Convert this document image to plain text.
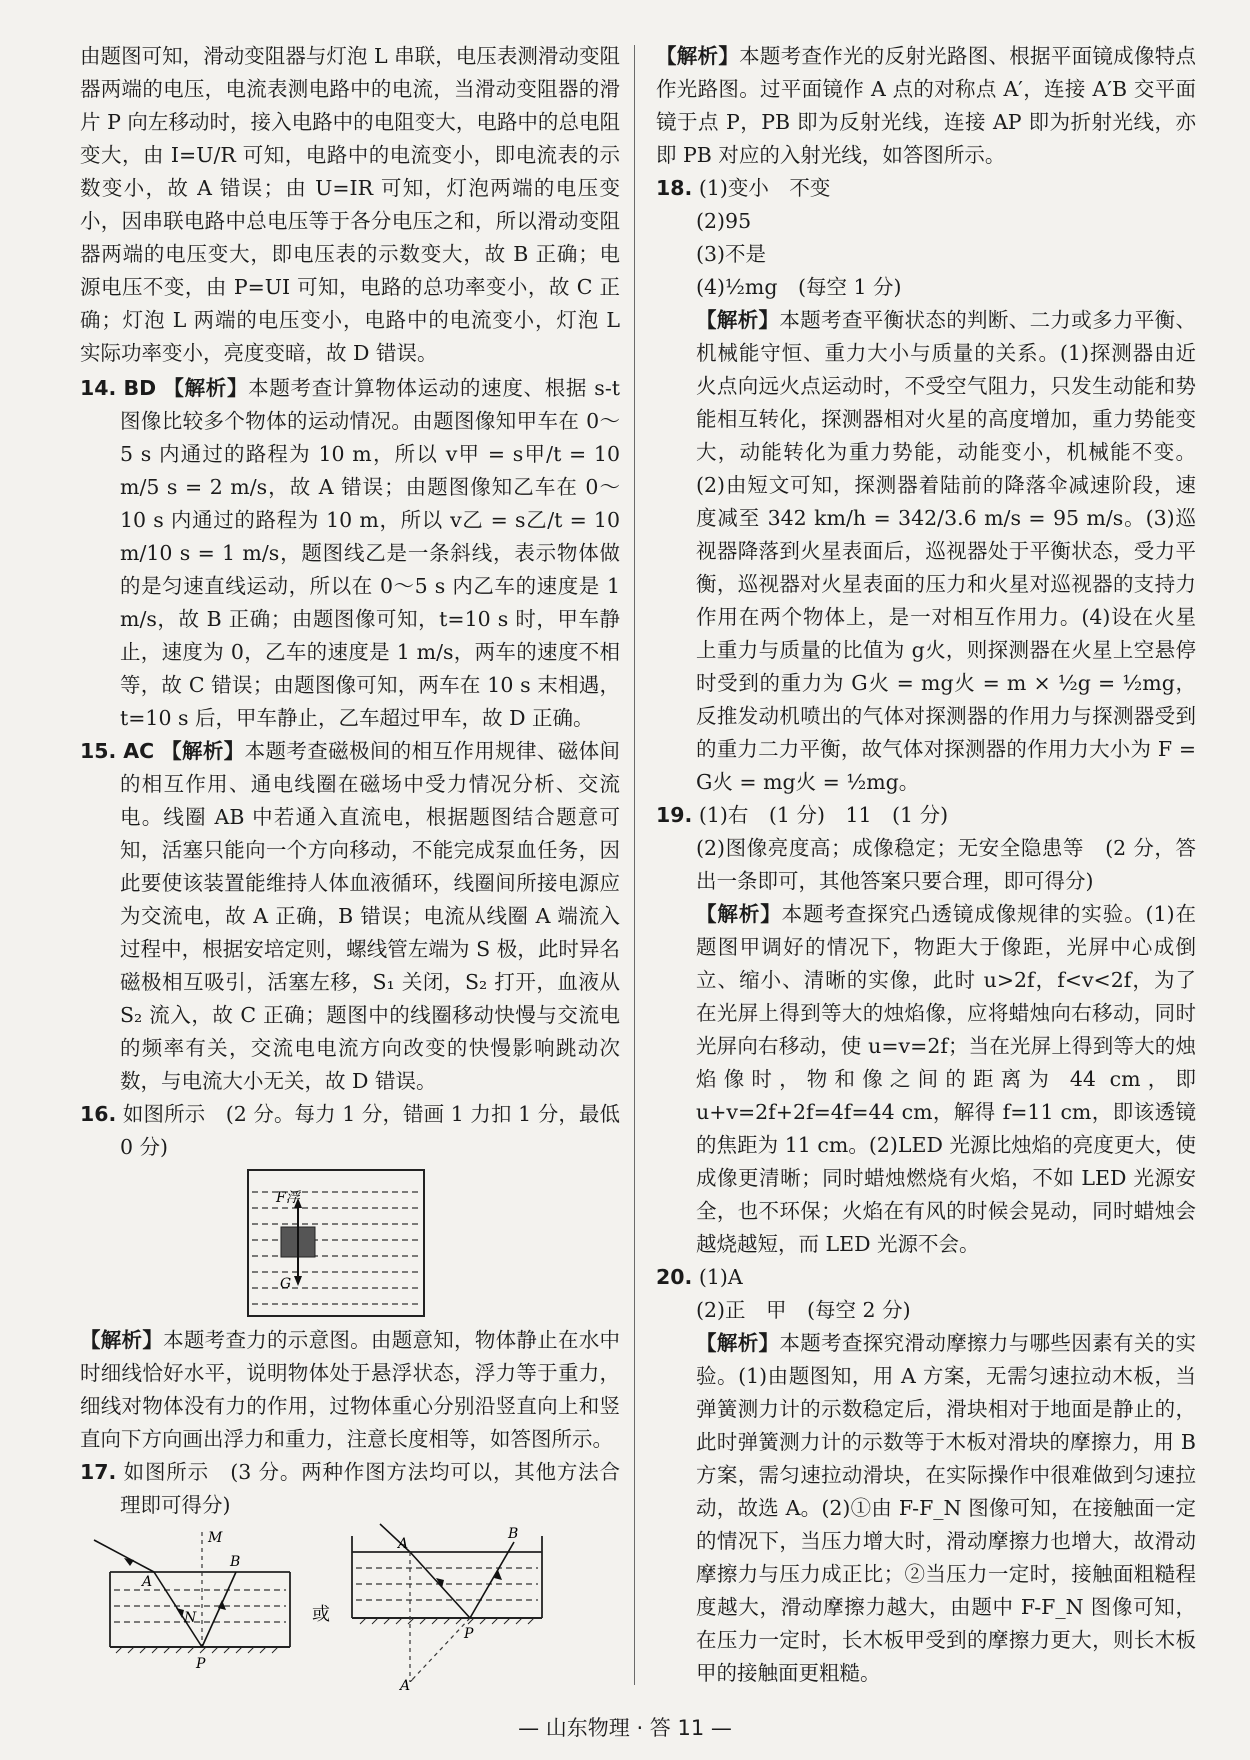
由题图可知，滑动变阻器与灯泡 L 串联，电压表测滑动变阻器两端的电压，电流表测电路中的电流，当滑动变阻器的滑片 P 向左移动时，接入电路中的电阻变大，电路中的总电阻变大，由 I=U/R 可知，电路中的电流变小，即电流表的示数变小，故 A 错误；由 U=IR 可知，灯泡两端的电压变小，因串联电路中总电压等于各分电压之和，所以滑动变阻器两端的电压变大，即电压表的示数变大，故 B 正确；电源电压不变，由 P=UI 可知，电路的总功率变小，故 C 正确；灯泡 L 两端的电压变小，电路中的电流变小，灯泡 L 实际功率变小，亮度变暗，故 D 错误。

14. BD 【解析】本题考查计算物体运动的速度、根据 s-t 图像比较多个物体的运动情况。由题图像知甲车在 0～5 s 内通过的路程为 10 m，所以 v甲 = s甲/t = 10 m/5 s = 2 m/s，故 A 错误；由题图像知乙车在 0～10 s 内通过的路程为 10 m，所以 v乙 = s乙/t = 10 m/10 s = 1 m/s，题图线乙是一条斜线，表示物体做的是匀速直线运动，所以在 0～5 s 内乙车的速度是 1 m/s，故 B 正确；由题图像可知，t=10 s 时，甲车静止，速度为 0，乙车的速度是 1 m/s，两车的速度不相等，故 C 错误；由题图像可知，两车在 10 s 末相遇，t=10 s 后，甲车静止，乙车超过甲车，故 D 正确。

15. AC 【解析】本题考查磁极间的相互作用规律、磁体间的相互作用、通电线圈在磁场中受力情况分析、交流电。线圈 AB 中若通入直流电，根据题图结合题意可知，活塞只能向一个方向移动，不能完成泵血任务，因此要使该装置能维持人体血液循环，线圈间所接电源应为交流电，故 A 正确，B 错误；电流从线圈 A 端流入过程中，根据安培定则，螺线管左端为 S 极，此时异名磁极相互吸引，活塞左移，S₁ 关闭，S₂ 打开，血液从 S₂ 流入，故 C 正确；题图中的线圈移动快慢与交流电的频率有关，交流电电流方向改变的快慢影响跳动次数，与电流大小无关，故 D 错误。

16. 如图所示　(2 分。每力 1 分，错画 1 力扣 1 分，最低 0 分)

F浮
G

【解析】本题考查力的示意图。由题意知，物体静止在水中时细线恰好水平，说明物体处于悬浮状态，浮力等于重力，细线对物体没有力的作用，过物体重心分别沿竖直向上和竖直向下方向画出浮力和重力，注意长度相等，如答图所示。

17. 如图所示　(3 分。两种作图方法均可以，其他方法合理即可得分)

M
A
B
N
P
或
A
B
P
A′

【解析】本题考查作光的反射光路图、根据平面镜成像特点作光路图。过平面镜作 A 点的对称点 A′，连接 A′B 交平面镜于点 P，PB 即为反射光线，连接 AP 即为折射光线，亦即 PB 对应的入射光线，如答图所示。

18. (1)变小　不变

(2)95

(3)不是

(4)½mg　(每空 1 分)

【解析】本题考查平衡状态的判断、二力或多力平衡、机械能守恒、重力大小与质量的关系。(1)探测器由近火点向远火点运动时，不受空气阻力，只发生动能和势能相互转化，探测器相对火星的高度增加，重力势能变大，动能转化为重力势能，动能变小，机械能不变。(2)由短文可知，探测器着陆前的降落伞减速阶段，速度减至 342 km/h = 342/3.6 m/s = 95 m/s。(3)巡视器降落到火星表面后，巡视器处于平衡状态，受力平衡，巡视器对火星表面的压力和火星对巡视器的支持力作用在两个物体上，是一对相互作用力。(4)设在火星上重力与质量的比值为 g火，则探测器在火星上空悬停时受到的重力为 G火 = mg火 = m × ½g = ½mg，反推发动机喷出的气体对探测器的作用力与探测器受到的重力二力平衡，故气体对探测器的作用力大小为 F = G火 = mg火 = ½mg。

19. (1)右　(1 分)　11　(1 分)

(2)图像亮度高；成像稳定；无安全隐患等　(2 分，答出一条即可，其他答案只要合理，即可得分)

【解析】本题考查探究凸透镜成像规律的实验。(1)在题图甲调好的情况下，物距大于像距，光屏中心成倒立、缩小、清晰的实像，此时 u>2f，f<v<2f，为了在光屏上得到等大的烛焰像，应将蜡烛向右移动，同时光屏向右移动，使 u=v=2f；当在光屏上得到等大的烛焰像时，物和像之间的距离为 44 cm，即 u+v=2f+2f=4f=44 cm，解得 f=11 cm，即该透镜的焦距为 11 cm。(2)LED 光源比烛焰的亮度更大，使成像更清晰；同时蜡烛燃烧有火焰，不如 LED 光源安全，也不环保；火焰在有风的时候会晃动，同时蜡烛会越烧越短，而 LED 光源不会。

20. (1)A

(2)正　甲　(每空 2 分)

【解析】本题考查探究滑动摩擦力与哪些因素有关的实验。(1)由题图知，用 A 方案，无需匀速拉动木板，当弹簧测力计的示数稳定后，滑块相对于地面是静止的，此时弹簧测力计的示数等于木板对滑块的摩擦力，用 B 方案，需匀速拉动滑块，在实际操作中很难做到匀速拉动，故选 A。(2)①由 F-F_N 图像可知，在接触面一定的情况下，当压力增大时，滑动摩擦力也增大，故滑动摩擦力与压力成正比；②当压力一定时，接触面粗糙程度越大，滑动摩擦力越大，由题中 F-F_N 图像可知，在压力一定时，长木板甲受到的摩擦力更大，则长木板甲的接触面更粗糙。

— 山东物理 · 答 11 —
